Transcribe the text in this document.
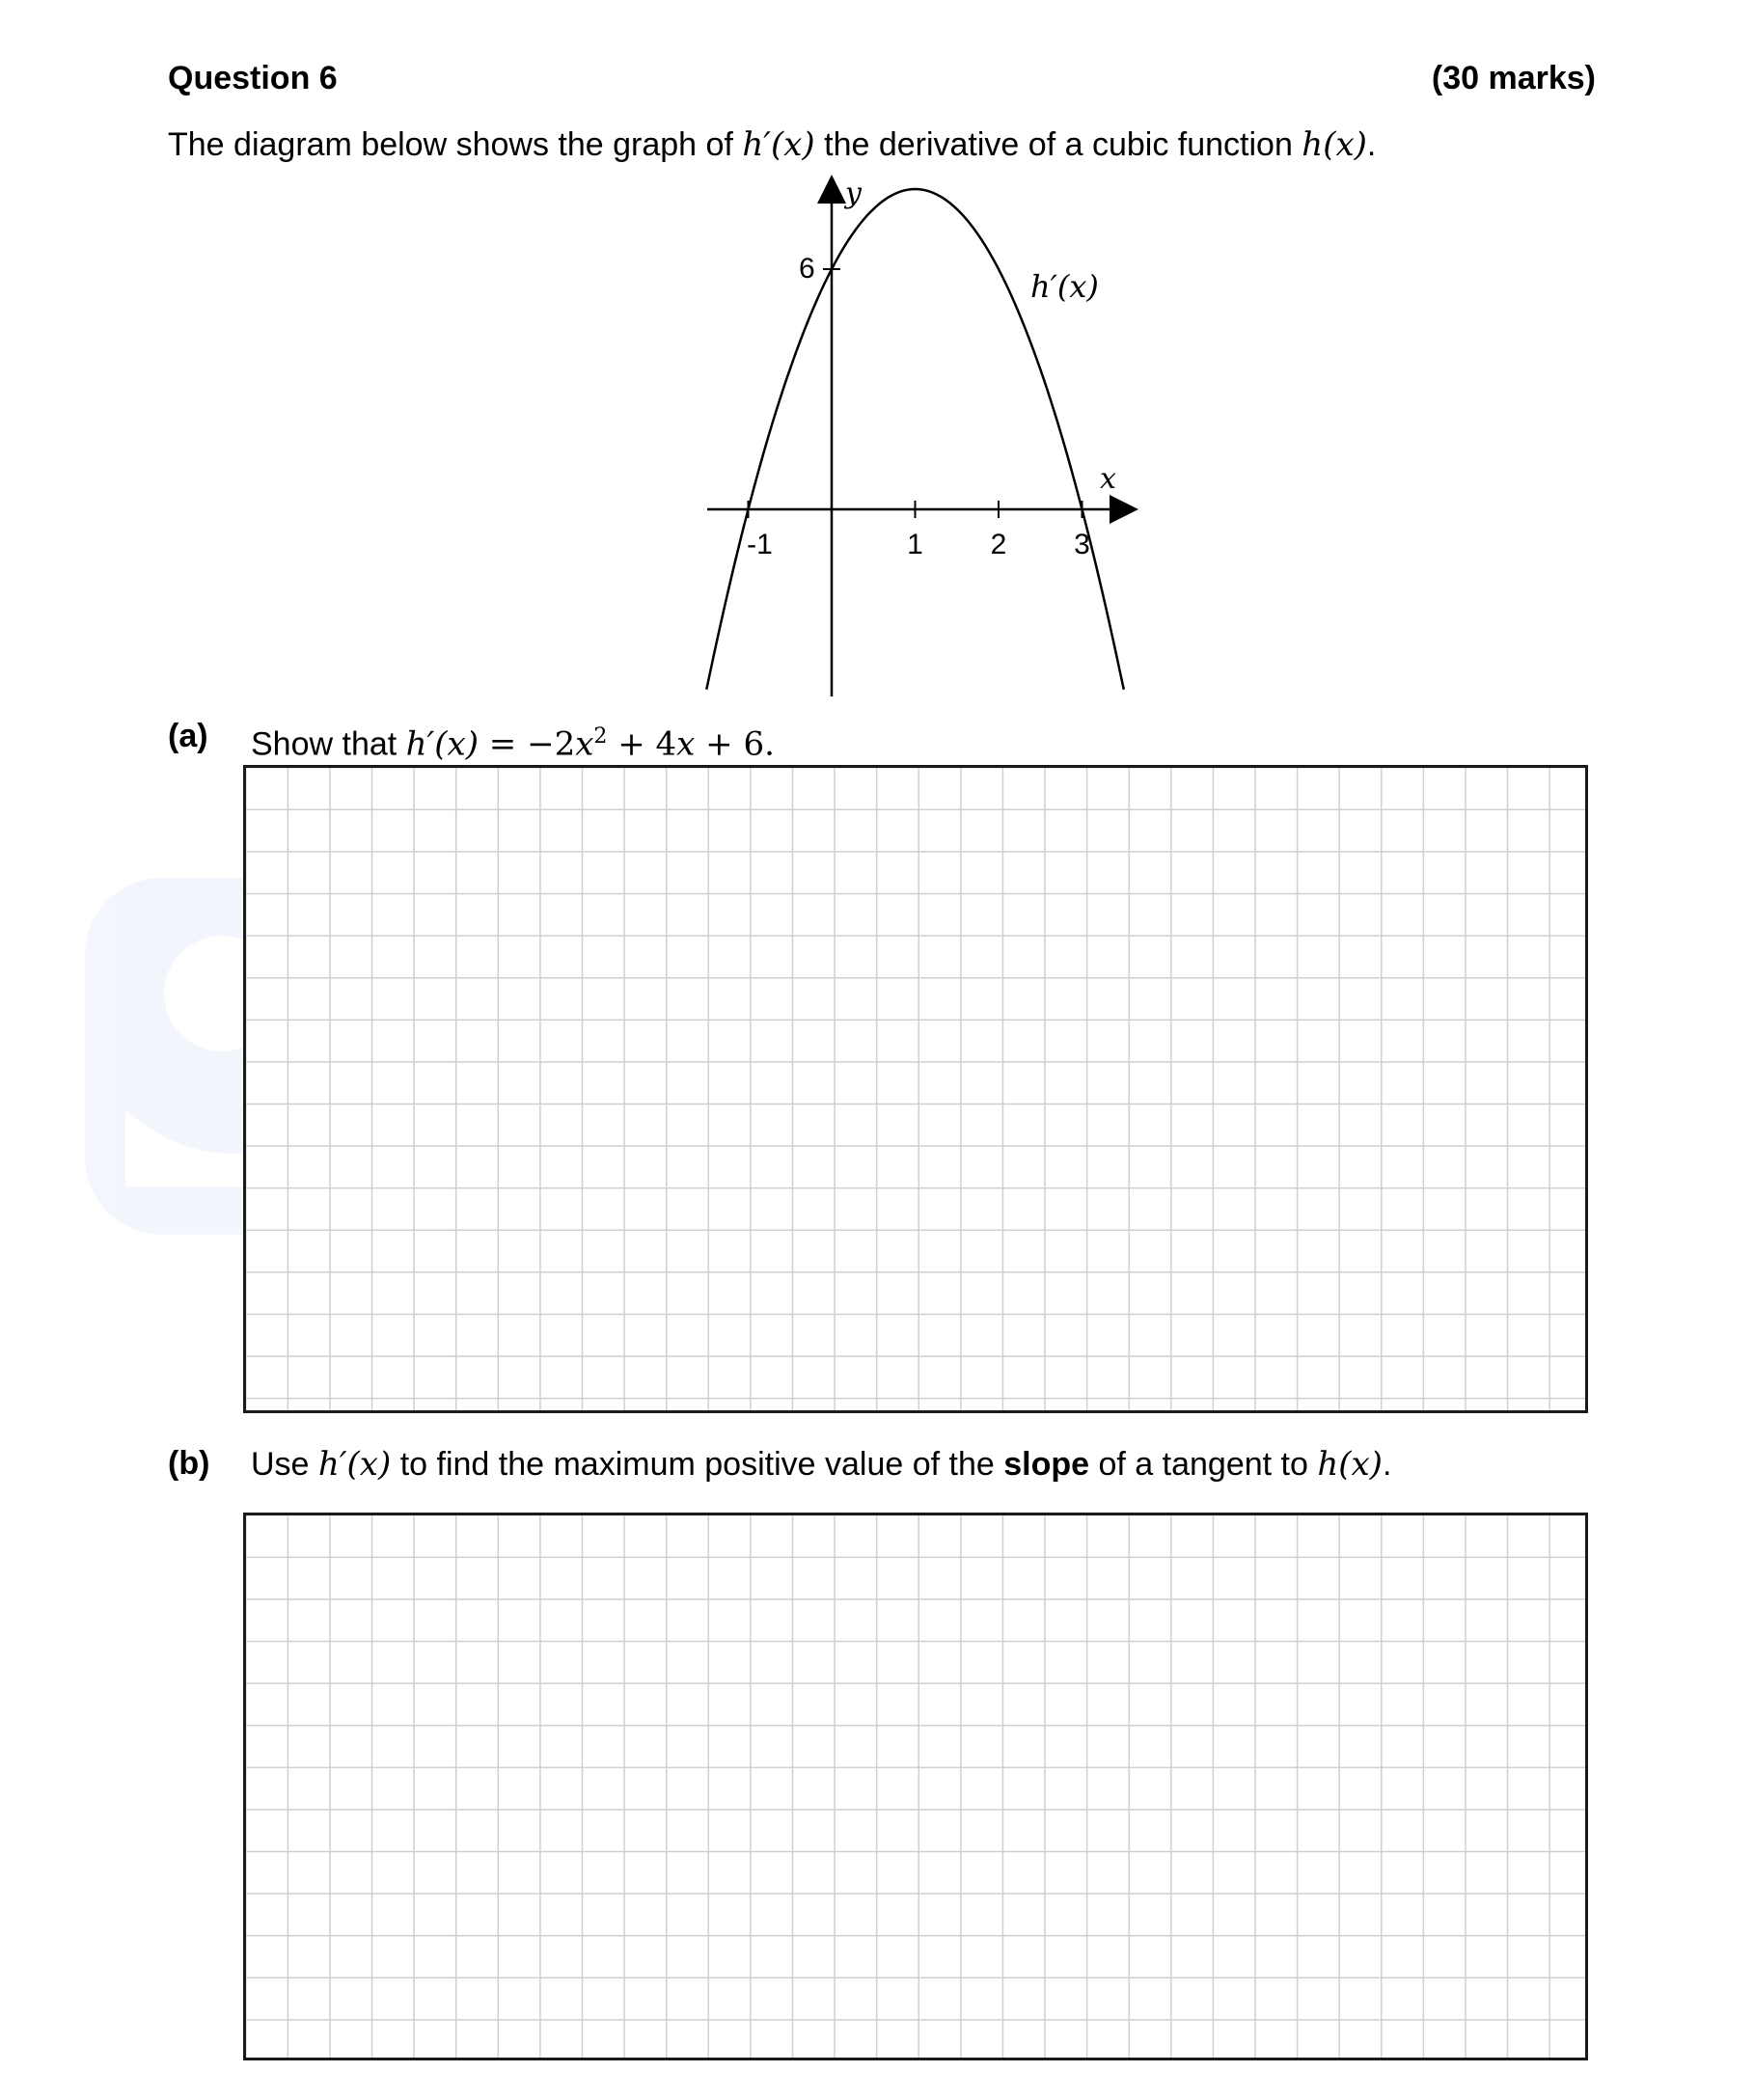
Question 6	(30 marks)
The diagram below shows the graph of h′(x) the derivative of a cubic function h(x).
y
x
h′(x)
6
-1	1 2 3
(a) Show that $h'(x) = -2x^2 + 4x + 6$.
(b) Use h′(x) to find the maximum positive value of the slope of a tangent to h(x).
